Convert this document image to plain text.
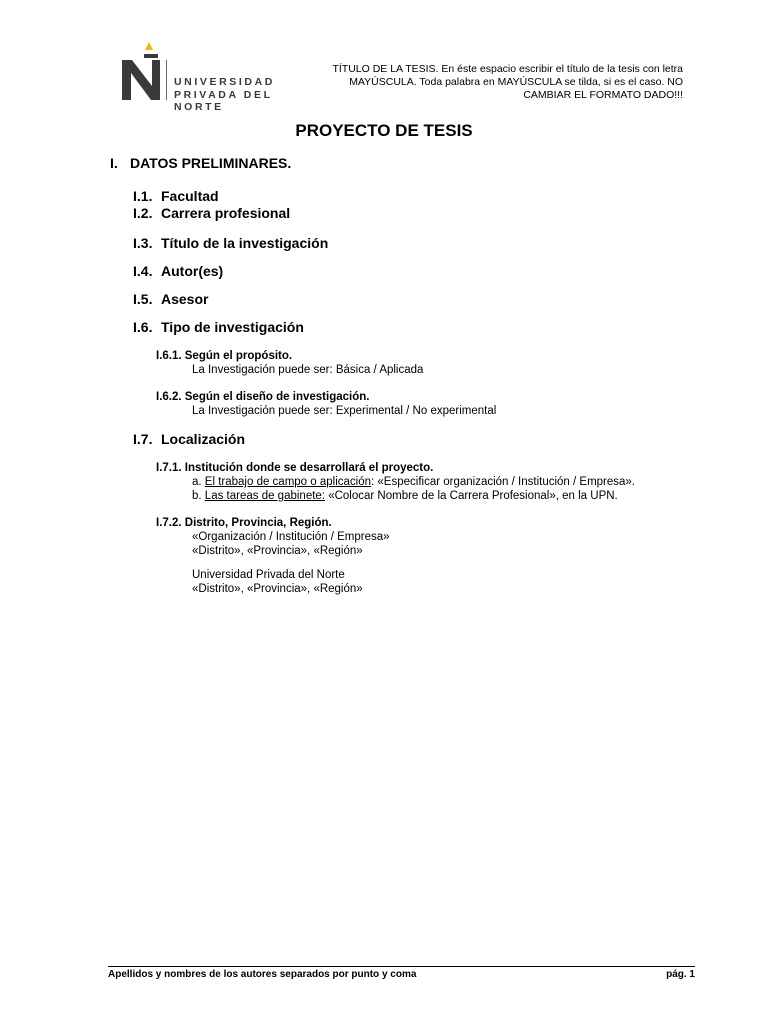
UNIVERSIDAD
PRIVADA DEL NORTE
TÍTULO DE LA TESIS. En éste espacio escribir el título de la tesis con letra MAYÚSCULA. Toda palabra en MAYÚSCULA se tilda, si es el caso. NO CAMBIAR EL FORMATO DADO!!!
PROYECTO DE TESIS
I. DATOS PRELIMINARES.
I.1. Facultad
I.2. Carrera profesional
I.3. Título de la investigación
I.4. Autor(es)
I.5. Asesor
I.6. Tipo de investigación
I.6.1. Según el propósito.
La Investigación puede ser: Básica / Aplicada
I.6.2. Según el diseño de investigación.
La Investigación puede ser: Experimental / No experimental
I.7. Localización
I.7.1. Institución donde se desarrollará el proyecto.
a. El trabajo de campo o aplicación: «Especificar organización / Institución / Empresa».
b. Las tareas de gabinete: «Colocar Nombre de la Carrera Profesional», en la UPN.
I.7.2. Distrito, Provincia, Región.
«Organización / Institución / Empresa»
«Distrito», «Provincia», «Región»
Universidad Privada del Norte
«Distrito», «Provincia», «Región»
Apellidos y nombres de los autores separados por punto y coma	pág. 1
